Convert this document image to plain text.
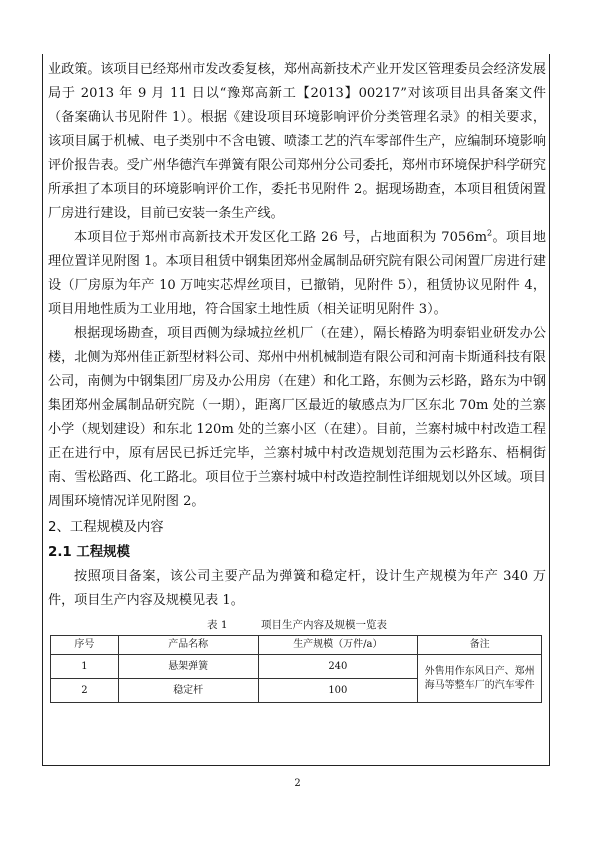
业政策。该项目已经郑州市发改委复核，郑州高新技术产业开发区管理委员会经济发展局于 2013 年 9 月 11 日以“豫郑高新工【2013】00217”对该项目出具备案文件（备案确认书见附件 1）。根据《建设项目环境影响评价分类管理名录》的相关要求，该项目属于机械、电子类别中不含电镀、喷漆工艺的汽车零部件生产，应编制环境影响评价报告表。受广州华德汽车弹簧有限公司郑州分公司委托，郑州市环境保护科学研究所承担了本项目的环境影响评价工作，委托书见附件 2。据现场勘查，本项目租赁闲置厂房进行建设，目前已安装一条生产线。

本项目位于郑州市高新技术开发区化工路 26 号，占地面积为 $7056m^2$。项目地理位置详见附图 1。本项目租赁中钢集团郑州金属制品研究院有限公司闲置厂房进行建设（厂房原为年产 10 万吨实芯焊丝项目，已撤销，见附件 5），租赁协议见附件 4，项目用地性质为工业用地，符合国家土地性质（相关证明见附件 3）。

根据现场勘查，项目西侧为绿城拉丝机厂（在建），隔长椿路为明泰铝业研发办公楼，北侧为郑州佳正新型材料公司、郑州中州机械制造有限公司和河南卡斯通科技有限公司，南侧为中钢集团厂房及办公用房（在建）和化工路，东侧为云杉路，路东为中钢集团郑州金属制品研究院（一期），距离厂区最近的敏感点为厂区东北 70m 处的兰寨小学（规划建设）和东北 120m 处的兰寨小区（在建）。目前，兰寨村城中村改造工程正在进行中，原有居民已拆迁完毕，兰寨村城中村改造规划范围为云杉路东、梧桐街南、雪松路西、化工路北。项目位于兰寨村城中村改造控制性详细规划以外区域。项目周围环境情况详见附图 2。

2、工程规模及内容
2.1 工程规模

按照项目备案，该公司主要产品为弹簧和稳定杆，设计生产规模为年产 340 万件，项目生产内容及规模见表 1。

表 1          项目生产内容及规模一览表
序号	产品名称	生产规模（万件/a）	备注
1	悬架弹簧	240	外售用作东风日产、郑州海马等整车厂的汽车零件
2	稳定杆	100	
2
